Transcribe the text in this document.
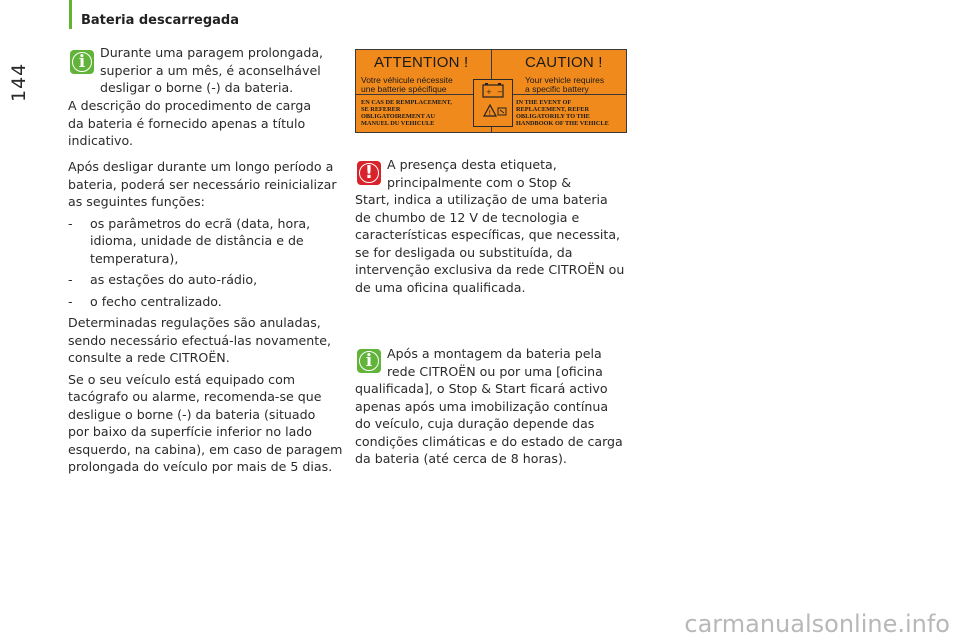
144
Bateria descarregada
i	Durante uma paragem prolongada,

superior a um mês, é aconselhável

desligar o borne (-) da bateria.

A descrição do procedimento de carga

da bateria é fornecido apenas a título

indicativo.

Após desligar durante um longo período a

bateria, poderá ser necessário reinicializar

as seguintes funções:

- os parâmetros do ecrã (data, hora,

idioma, unidade de distância e de

temperatura),

- as estações do auto-rádio,

- o fecho centralizado.

Determinadas regulações são anuladas,

sendo necessário efectuá-las novamente,

consulte a rede CITROËN.

Se o seu veículo está equipado com

tacógrafo ou alarme, recomenda-se que

desligue o borne (-) da bateria (situado

por baixo da superfície inferior no lado

esquerdo, na cabina), em caso de paragem

prolongada do veículo por mais de 5 dias.

ATTENTION !	CAUTION !
Votre véhicule nécessite
une batterie spécifique
Your vehicle requires
a specific battery
EN CAS DE REMPLACEMENT,
SE REFERER
OBLIGATOIREMENT AU
MANUEL DU VEHICULE
IN THE EVENT OF
REPLACEMENT, REFER
OBLIGATORILY TO THE
HANDBOOK OF THE VEHICLE
+ −
!
!	A presença desta etiqueta,

principalmente com o Stop &

Start, indica a utilização de uma bateria

de chumbo de 12 V de tecnologia e

características específicas, que necessita,

se for desligada ou substituída, da

intervenção exclusiva da rede CITROËN ou

de uma oficina qualificada.

i	Após a montagem da bateria pela

rede CITROËN ou por uma [oficina

qualificada], o Stop & Start ficará activo

apenas após uma imobilização contínua

do veículo, cuja duração depende das

condições climáticas e do estado de carga

da bateria (até cerca de 8 horas).

carmanualsonline.info
